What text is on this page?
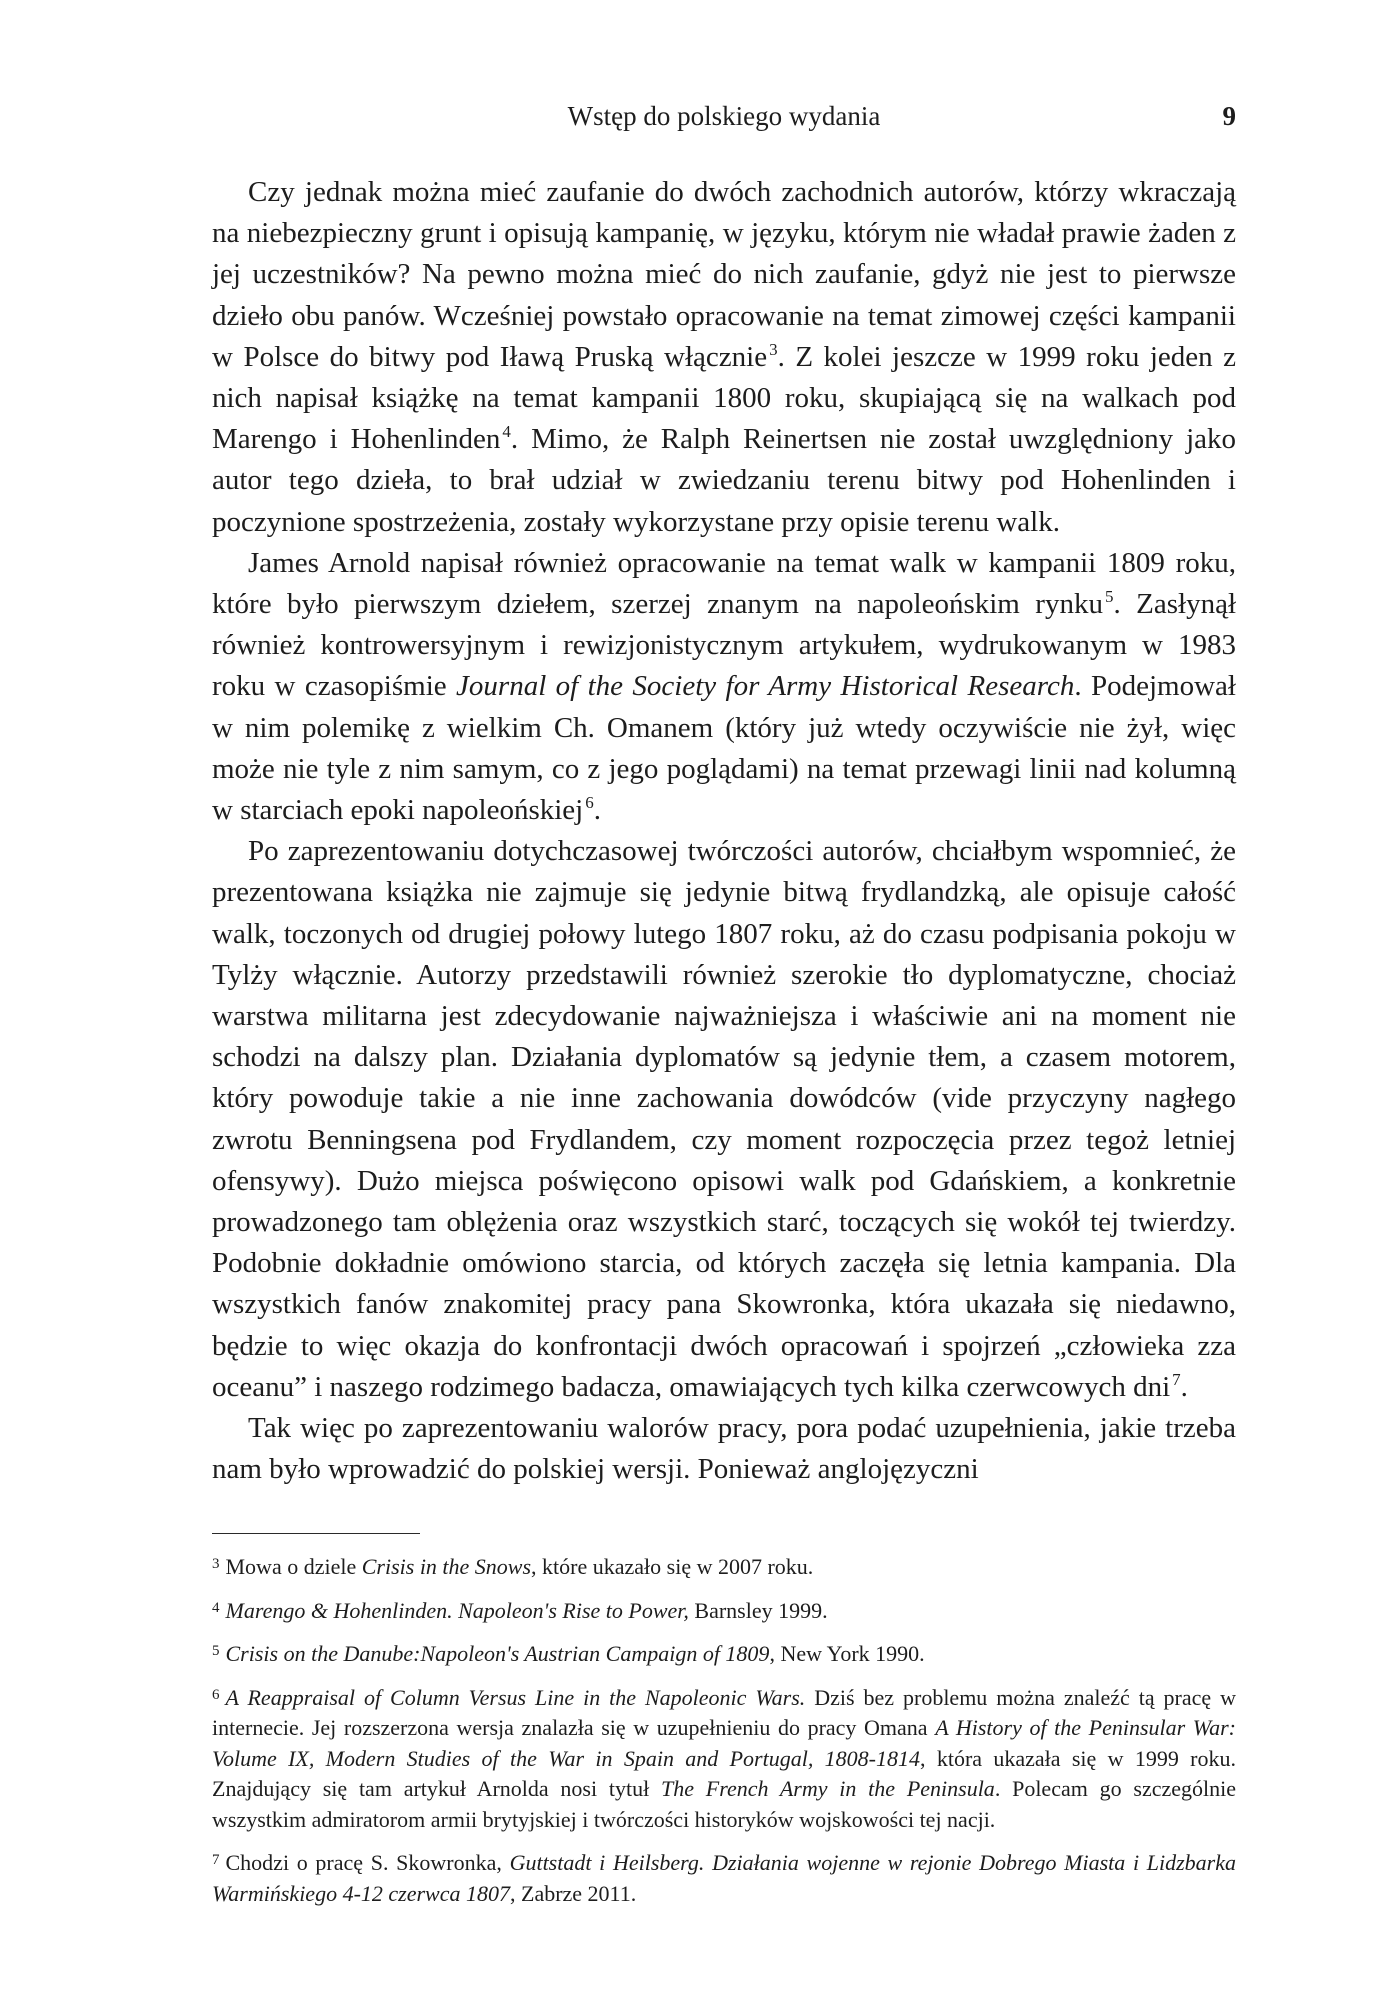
Wstęp do polskiego wydania	9

Czy jednak można mieć zaufanie do dwóch zachodnich autorów, którzy wkraczają na niebezpieczny grunt i opisują kampanię, w języku, którym nie władał prawie żaden z jej uczestników? Na pewno można mieć do nich zaufanie, gdyż nie jest to pierwsze dzieło obu panów. Wcześniej powstało opracowanie na temat zimowej części kampanii w Polsce do bitwy pod Iławą Pruską włącznie $^3$. Z kolei jeszcze w 1999 roku jeden z nich napisał książkę na temat kampanii 1800 roku, skupiającą się na walkach pod Marengo i Hohenlinden $^4$. Mimo, że Ralph Reinertsen nie został uwzględniony jako autor tego dzieła, to brał udział w zwiedzaniu terenu bitwy pod Hohenlinden i poczynione spostrzeżenia, zostały wykorzystane przy opisie terenu walk.

James Arnold napisał również opracowanie na temat walk w kampanii 1809 roku, które było pierwszym dziełem, szerzej znanym na napoleońskim rynku $^5$. Zasłynął również kontrowersyjnym i rewizjonistycznym artykułem, wydrukowanym w 1983 roku w czasopiśmie Journal of the Society for Army Historical Research. Podejmował w nim polemikę z wielkim Ch. Omanem (który już wtedy oczywiście nie żył, więc może nie tyle z nim samym, co z jego poglądami) na temat przewagi linii nad kolumną w starciach epoki napoleońskiej $^6$.

Po zaprezentowaniu dotychczasowej twórczości autorów, chciałbym wspomnieć, że prezentowana książka nie zajmuje się jedynie bitwą frydlandzką, ale opisuje całość walk, toczonych od drugiej połowy lutego 1807 roku, aż do czasu podpisania pokoju w Tylży włącznie. Autorzy przedstawili również szerokie tło dyplomatyczne, chociaż warstwa militarna jest zdecydowanie najważniejsza i właściwie ani na moment nie schodzi na dalszy plan. Działania dyplomatów są jedynie tłem, a czasem motorem, który powoduje takie a nie inne zachowania dowódców (vide przyczyny nagłego zwrotu Benningsena pod Frydlandem, czy moment rozpoczęcia przez tegoż letniej ofensywy). Dużo miejsca poświęcono opisowi walk pod Gdańskiem, a konkretnie prowadzonego tam oblężenia oraz wszystkich starć, toczących się wokół tej twierdzy. Podobnie dokładnie omówiono starcia, od których zaczęła się letnia kampania. Dla wszystkich fanów znakomitej pracy pana Skowronka, która ukazała się niedawno, będzie to więc okazja do konfrontacji dwóch opracowań i spojrzeń „człowieka zza oceanu” i naszego rodzimego badacza, omawiających tych kilka czerwcowych dni $^7$.

Tak więc po zaprezentowaniu walorów pracy, pora podać uzupełnienia, jakie trzeba nam było wprowadzić do polskiej wersji. Ponieważ anglojęzyczni

$^3$ Mowa o dziele Crisis in the Snows, które ukazało się w 2007 roku.

$^4$ Marengo & Hohenlinden. Napoleon's Rise to Power, Barnsley 1999.

$^5$ Crisis on the Danube:Napoleon's Austrian Campaign of 1809, New York 1990.

$^6$ A Reappraisal of Column Versus Line in the Napoleonic Wars. Dziś bez problemu można znaleźć tą pracę w internecie. Jej rozszerzona wersja znalazła się w uzupełnieniu do pracy Omana A History of the Peninsular War: Volume IX, Modern Studies of the War in Spain and Portugal, 1808-1814, która ukazała się w 1999 roku. Znajdujący się tam artykuł Arnolda nosi tytuł The French Army in the Peninsula. Polecam go szczególnie wszystkim admiratorom armii brytyjskiej i twórczości historyków wojskowości tej nacji.

$^7$ Chodzi o pracę S. Skowronka, Guttstadt i Heilsberg. Działania wojenne w rejonie Dobrego Miasta i Lidzbarka Warmińskiego 4-12 czerwca 1807, Zabrze 2011.
